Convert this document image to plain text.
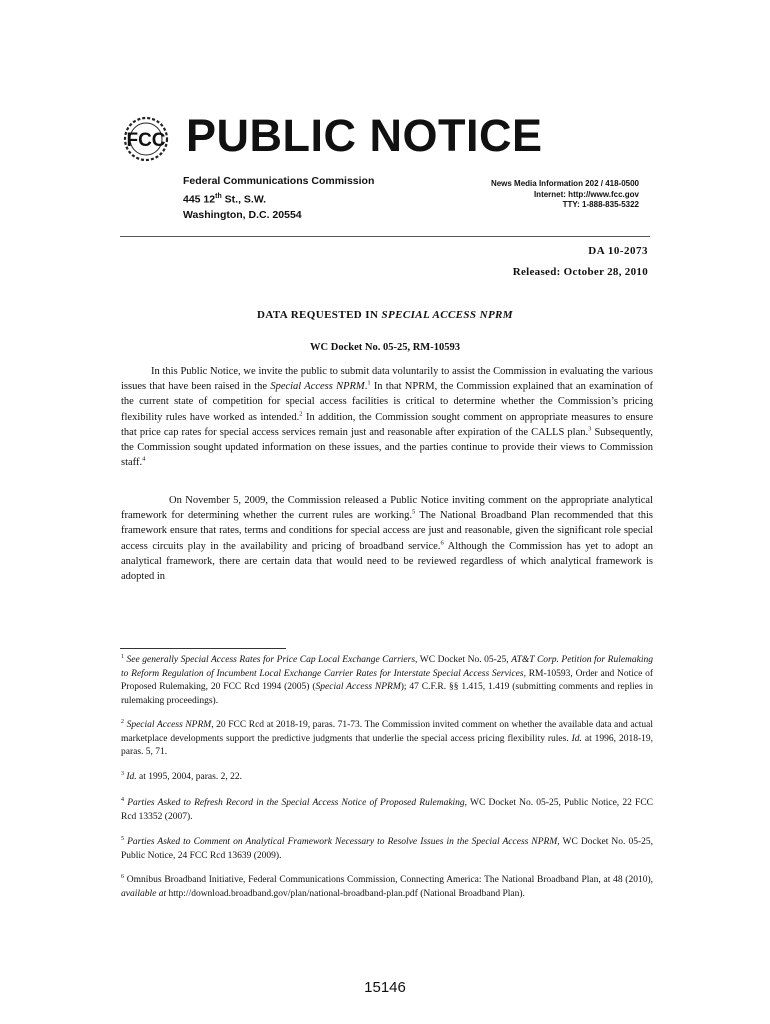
FCC PUBLIC NOTICE
Federal Communications Commission
445 12th St., S.W.
Washington, D.C. 20554
News Media Information 202 / 418-0500
Internet: http://www.fcc.gov
TTY: 1-888-835-5322
DA 10-2073
Released: October 28, 2010
DATA REQUESTED IN SPECIAL ACCESS NPRM
WC Docket No. 05-25, RM-10593
In this Public Notice, we invite the public to submit data voluntarily to assist the Commission in evaluating the various issues that have been raised in the Special Access NPRM.$^1$ In that NPRM, the Commission explained that an examination of the current state of competition for special access facilities is critical to determine whether the Commission’s pricing flexibility rules have worked as intended.$^2$ In addition, the Commission sought comment on appropriate measures to ensure that price cap rates for special access services remain just and reasonable after expiration of the CALLS plan.$^3$ Subsequently, the Commission sought updated information on these issues, and the parties continue to provide their views to Commission staff.$^4$
On November 5, 2009, the Commission released a Public Notice inviting comment on the appropriate analytical framework for determining whether the current rules are working.$^5$ The National Broadband Plan recommended that this framework ensure that rates, terms and conditions for special access are just and reasonable, given the significant role special access circuits play in the availability and pricing of broadband service.$^6$ Although the Commission has yet to adopt an analytical framework, there are certain data that would need to be reviewed regardless of which analytical framework is adopted in
$^1$ See generally Special Access Rates for Price Cap Local Exchange Carriers, WC Docket No. 05-25, AT&T Corp. Petition for Rulemaking to Reform Regulation of Incumbent Local Exchange Carrier Rates for Interstate Special Access Services, RM-10593, Order and Notice of Proposed Rulemaking, 20 FCC Rcd 1994 (2005) (Special Access NPRM); 47 C.F.R. §§ 1.415, 1.419 (submitting comments and replies in rulemaking proceedings).
$^2$ Special Access NPRM, 20 FCC Rcd at 2018-19, paras. 71-73. The Commission invited comment on whether the available data and actual marketplace developments support the predictive judgments that underlie the special access pricing flexibility rules. Id. at 1996, 2018-19, paras. 5, 71.
$^3$ Id. at 1995, 2004, paras. 2, 22.
$^4$ Parties Asked to Refresh Record in the Special Access Notice of Proposed Rulemaking, WC Docket No. 05-25, Public Notice, 22 FCC Rcd 13352 (2007).
$^5$ Parties Asked to Comment on Analytical Framework Necessary to Resolve Issues in the Special Access NPRM, WC Docket No. 05-25, Public Notice, 24 FCC Rcd 13639 (2009).
$^6$ Omnibus Broadband Initiative, Federal Communications Commission, Connecting America: The National Broadband Plan, at 48 (2010), available at http://download.broadband.gov/plan/national-broadband-plan.pdf (National Broadband Plan).
15146
